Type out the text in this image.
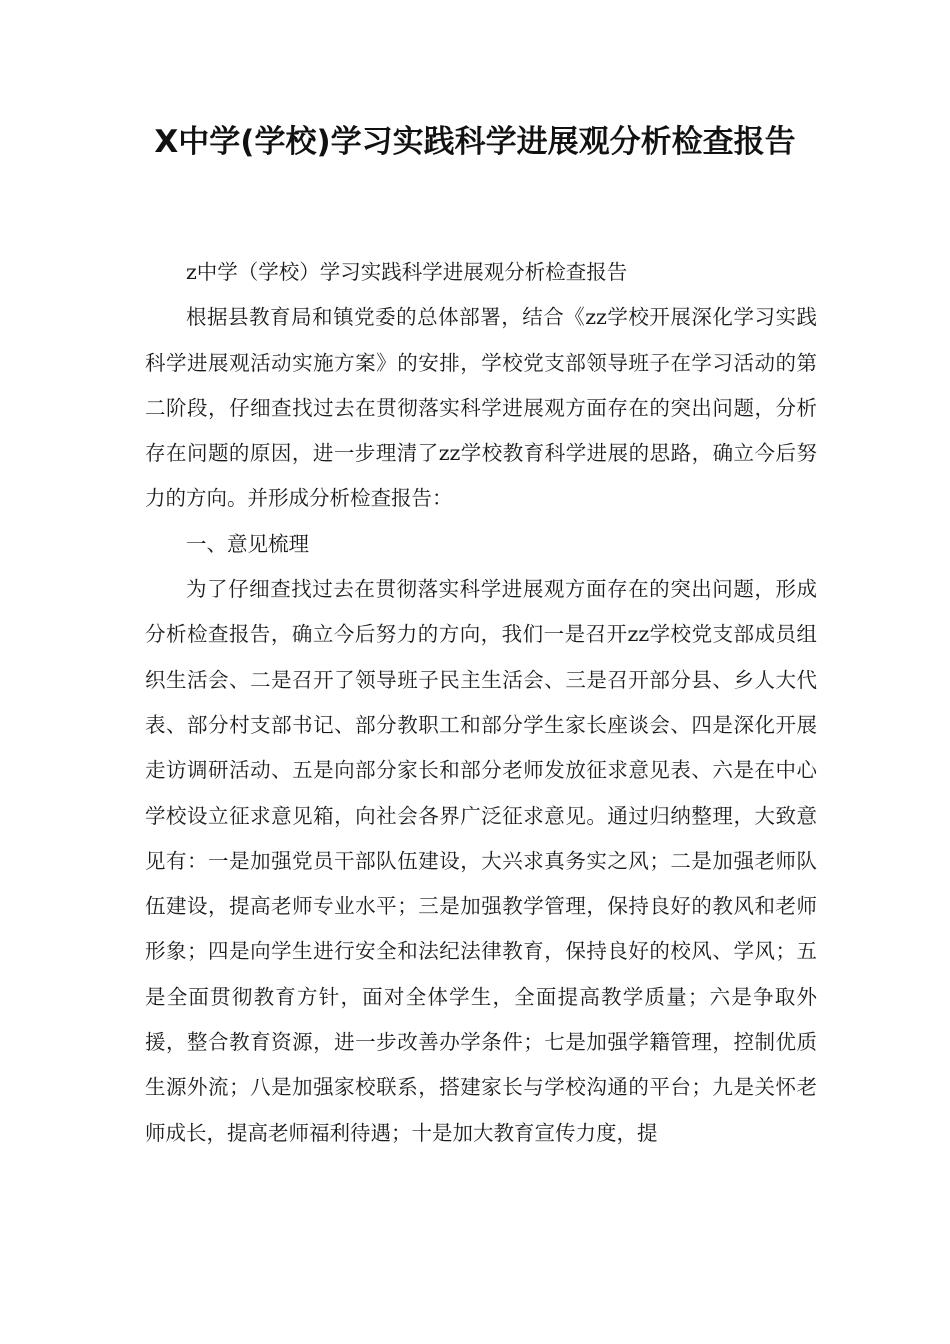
X中学(学校)学习实践科学进展观分析检查报告

z中学（学校）学习实践科学进展观分析检查报告

根据县教育局和镇党委的总体部署，结合《zz学校开展深化学习实践科学进展观活动实施方案》的安排，学校党支部领导班子在学习活动的第二阶段，仔细查找过去在贯彻落实科学进展观方面存在的突出问题，分析存在问题的原因，进一步理清了zz学校教育科学进展的思路，确立今后努力的方向。并形成分析检查报告：

一、意见梳理

为了仔细查找过去在贯彻落实科学进展观方面存在的突出问题，形成分析检查报告，确立今后努力的方向，我们一是召开zz学校党支部成员组织生活会、二是召开了领导班子民主生活会、三是召开部分县、乡人大代表、部分村支部书记、部分教职工和部分学生家长座谈会、四是深化开展走访调研活动、五是向部分家长和部分老师发放征求意见表、六是在中心学校设立征求意见箱，向社会各界广泛征求意见。通过归纳整理，大致意见有：一是加强党员干部队伍建设，大兴求真务实之风；二是加强老师队伍建设，提高老师专业水平；三是加强教学管理，保持良好的教风和老师形象；四是向学生进行安全和法纪法律教育，保持良好的校风、学风；五是全面贯彻教育方针，面对全体学生，全面提高教学质量；六是争取外援，整合教育资源，进一步改善办学条件；七是加强学籍管理，控制优质生源外流；八是加强家校联系，搭建家长与学校沟通的平台；九是关怀老师成长，提高老师福利待遇；十是加大教育宣传力度，提
